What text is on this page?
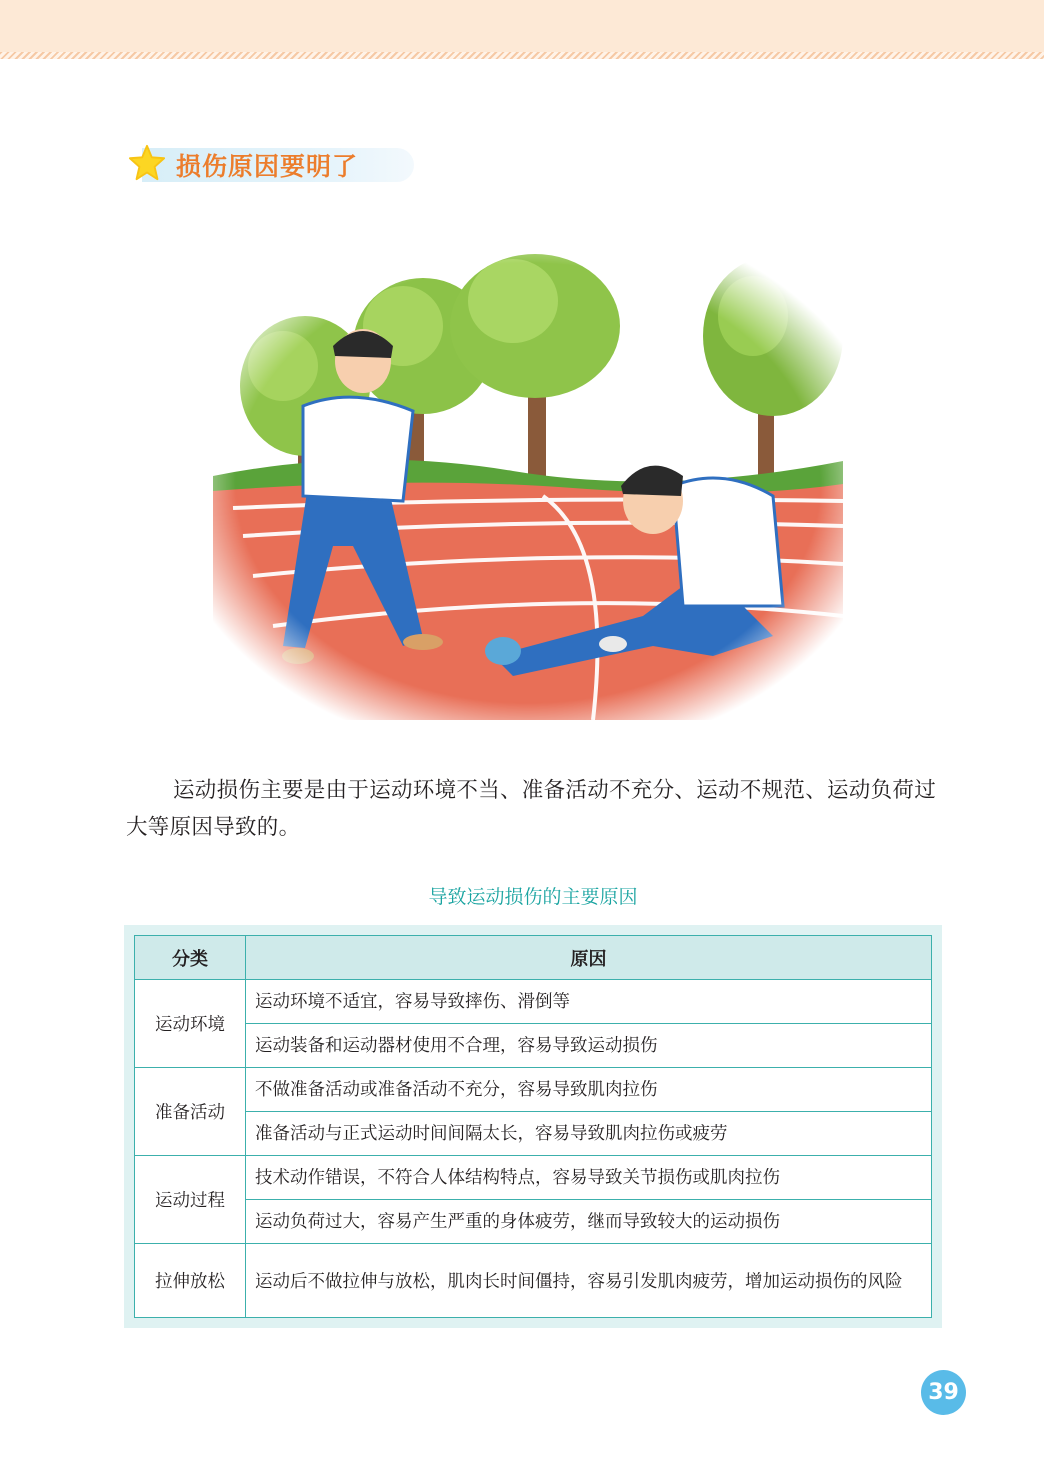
损伤原因要明了

运动损伤主要是由于运动环境不当、准备活动不充分、运动不规范、运动负荷过大等原因导致的。

导致运动损伤的主要原因
分类	原因
运动环境	运动环境不适宜，容易导致摔伤、滑倒等
	运动装备和运动器材使用不合理，容易导致运动损伤
准备活动	不做准备活动或准备活动不充分，容易导致肌肉拉伤
	准备活动与正式运动时间间隔太长，容易导致肌肉拉伤或疲劳
运动过程	技术动作错误，不符合人体结构特点，容易导致关节损伤或肌肉拉伤
	运动负荷过大，容易产生严重的身体疲劳，继而导致较大的运动损伤
拉伸放松	运动后不做拉伸与放松，肌肉长时间僵持，容易引发肌肉疲劳，增加运动损伤的风险
39
